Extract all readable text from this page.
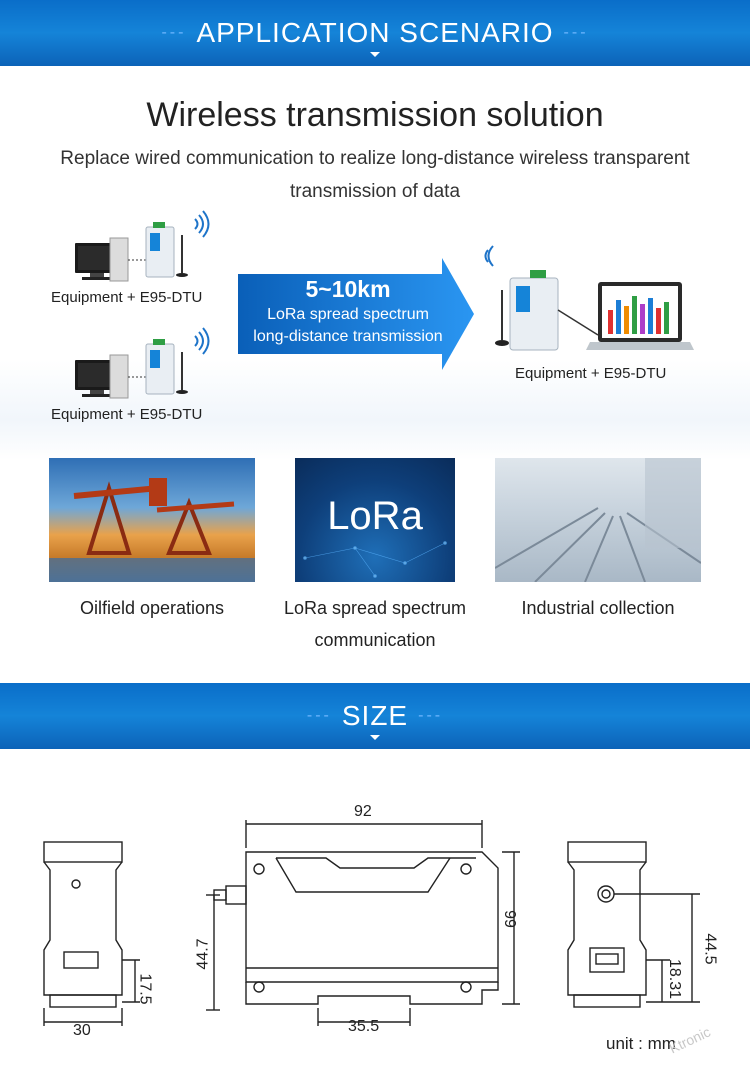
--- APPLICATION SCENARIO ---
Wireless transmission solution
Replace wired communication to realize long-distance wireless transparent transmission of data
Equipment + E95-DTU
Equipment + E95-DTU
5~10km
LoRa spread spectrum
long-distance transmission
Equipment + E95-DTU
LoRa
Oilfield operations	LoRa spread spectrum communication
Industrial collection
--- SIZE ---
92
99
44.7
35.5
30
17.5
44.5
18.31
unit : mm
Ktronic
